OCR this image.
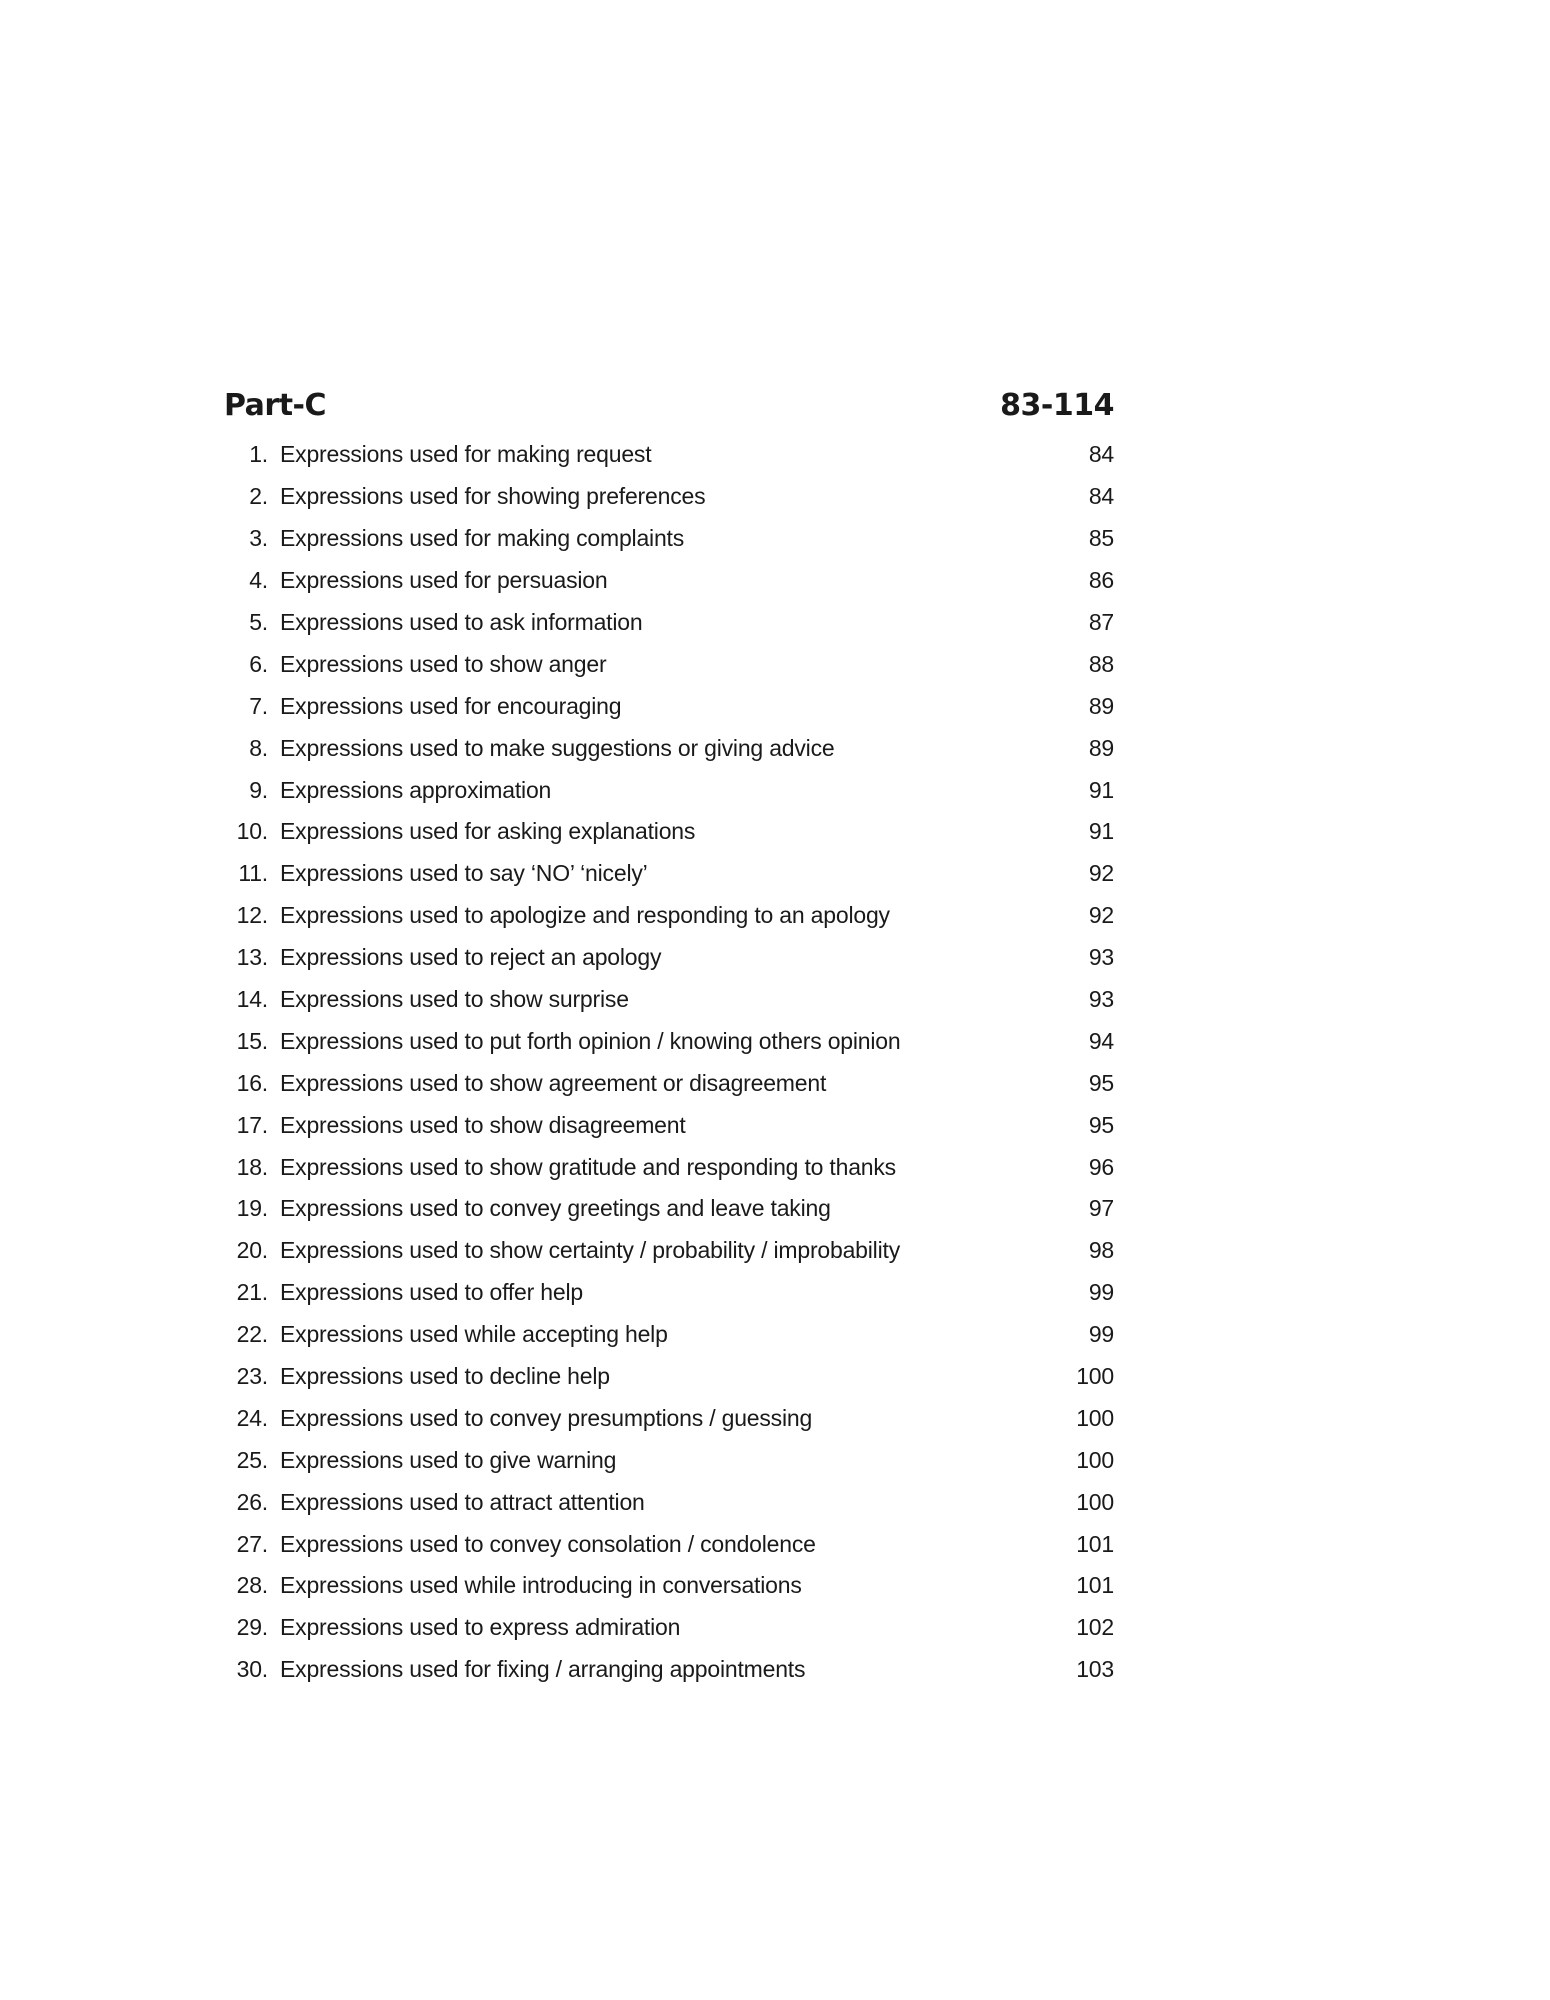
Part-C	83-114
1. Expressions used for making request	84
2. Expressions used for showing preferences	84
3. Expressions used for making complaints	85
4. Expressions used for persuasion	86
5. Expressions used to ask information	87
6. Expressions used to show anger	88
7. Expressions used for encouraging	89
8. Expressions used to make suggestions or giving advice	89
9. Expressions approximation	91
10. Expressions used for asking explanations	91
11. Expressions used to say ‘NO’ ‘nicely’	92
12. Expressions used to apologize and responding to an apology	92
13. Expressions used to reject an apology	93
14. Expressions used to show surprise	93
15. Expressions used to put forth opinion / knowing others opinion	94
16. Expressions used to show agreement or disagreement	95
17. Expressions used to show disagreement	95
18. Expressions used to show gratitude and responding to thanks	96
19. Expressions used to convey greetings and leave taking	97
20. Expressions used to show certainty / probability / improbability	98
21. Expressions used to offer help	99
22. Expressions used while accepting help	99
23. Expressions used to decline help	100
24. Expressions used to convey presumptions / guessing	100
25. Expressions used to give warning	100
26. Expressions used to attract attention	100
27. Expressions used to convey consolation / condolence	101
28. Expressions used while introducing in conversations	101
29. Expressions used to express admiration	102
30. Expressions used for fixing / arranging appointments	103
